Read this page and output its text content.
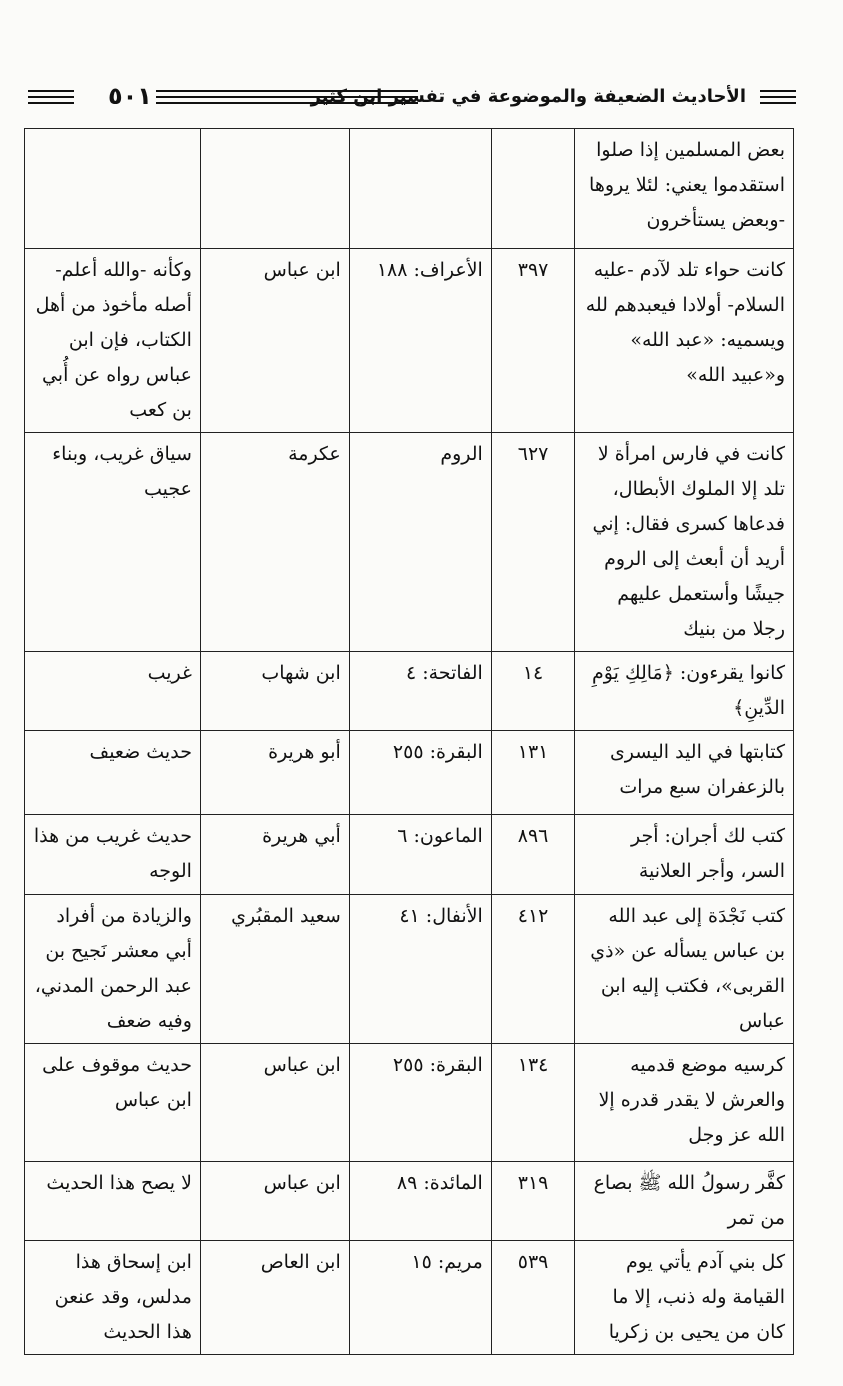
٥٠١	الأحاديث الضعيفة والموضوعة في تفسير ابن كثير
بعض المسلمين إذا صلوا استقدموا يعني: لئلا يروها -وبعض يستأخرون				
كانت حواء تلد لآدم -عليه السلام- أولادا فيعبدهم لله ويسميه: «عبد الله» و«عبيد الله»	٣٩٧	الأعراف: ١٨٨	ابن عباس	وكأنه -والله أعلم- أصله مأخوذ من أهل الكتاب، فإن ابن عباس رواه عن أُبي بن كعب
كانت في فارس امرأة لا تلد إلا الملوك الأبطال، فدعاها كسرى فقال: إني أريد أن أبعث إلى الروم جيشًا وأستعمل عليهم رجلا من بنيك	٦٢٧	الروم	عكرمة	سياق غريب، وبناء عجيب
كانوا يقرءون: ﴿مَالِكِ يَوْمِ الدِّينِ﴾	١٤	الفاتحة: ٤	ابن شهاب	غريب
كتابتها في اليد اليسرى بالزعفران سبع مرات	١٣١	البقرة: ٢٥٥	أبو هريرة	حديث ضعيف
كتب لك أجران: أجر السر، وأجر العلانية	٨٩٦	الماعون: ٦	أبي هريرة	حديث غريب من هذا الوجه
كتب نَجْدَة إلى عبد الله بن عباس يسأله عن «ذي القربى»، فكتب إليه ابن عباس	٤١٢	الأنفال: ٤١	سعيد المقبُري	والزيادة من أفراد أبي معشر نَجيح بن عبد الرحمن المدني، وفيه ضعف
كرسيه موضع قدميه والعرش لا يقدر قدره إلا الله عز وجل	١٣٤	البقرة: ٢٥٥	ابن عباس	حديث موقوف على ابن عباس
كفَّر رسولُ الله ﷺ بصاع من تمر	٣١٩	المائدة: ٨٩	ابن عباس	لا يصح هذا الحديث
كل بني آدم يأتي يوم القيامة وله ذنب، إلا ما كان من يحيى بن زكريا	٥٣٩	مريم: ١٥	ابن العاص	ابن إسحاق هذا مدلس، وقد عنعن هذا الحديث
